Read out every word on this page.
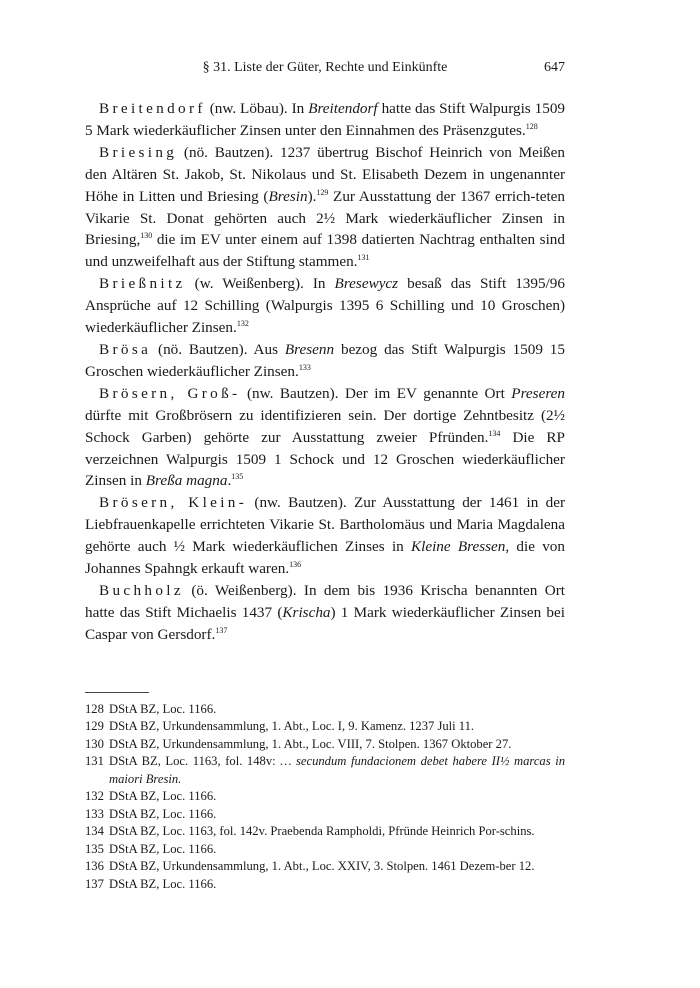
§ 31. Liste der Güter, Rechte und Einkünfte	647

Breitendorf (nw. Löbau). In Breitendorf hatte das Stift Walpurgis 1509 5 Mark wiederkäuflicher Zinsen unter den Einnahmen des Präsenzgutes.$^{128}$

Briesing (nö. Bautzen). 1237 übertrug Bischof Heinrich von Meißen den Altären St. Jakob, St. Nikolaus und St. Elisabeth Dezem in ungenannter Höhe in Litten und Briesing (Bresin).$^{129}$ Zur Ausstattung der 1367 errich-teten Vikarie St. Donat gehörten auch 2½ Mark wiederkäuflicher Zinsen in Briesing,$^{130}$ die im EV unter einem auf 1398 datierten Nachtrag enthalten sind und unzweifelhaft aus der Stiftung stammen.$^{131}$

Brießnitz (w. Weißenberg). In Bresewycz besaß das Stift 1395/96 Ansprüche auf 12 Schilling (Walpurgis 1395 6 Schilling und 10 Groschen) wiederkäuflicher Zinsen.$^{132}$

Brösa (nö. Bautzen). Aus Bresenn bezog das Stift Walpurgis 1509 15 Groschen wiederkäuflicher Zinsen.$^{133}$

Brösern, Groß- (nw. Bautzen). Der im EV genannte Ort Preseren dürfte mit Großbrösern zu identifizieren sein. Der dortige Zehntbesitz (2½ Schock Garben) gehörte zur Ausstattung zweier Pfründen.$^{134}$ Die RP verzeichnen Walpurgis 1509 1 Schock und 12 Groschen wiederkäuflicher Zinsen in Breßa magna.$^{135}$

Brösern, Klein- (nw. Bautzen). Zur Ausstattung der 1461 in der Liebfrauenkapelle errichteten Vikarie St. Bartholomäus und Maria Magdalena gehörte auch ½ Mark wiederkäuflichen Zinses in Kleine Bressen, die von Johannes Spahngk erkauft waren.$^{136}$

Buchholz (ö. Weißenberg). In dem bis 1936 Krischa benannten Ort hatte das Stift Michaelis 1437 (Krischa) 1 Mark wiederkäuflicher Zinsen bei Caspar von Gersdorf.$^{137}$

128 DStA BZ, Loc. 1166.
129 DStA BZ, Urkundensammlung, 1. Abt., Loc. I, 9. Kamenz. 1237 Juli 11.
130 DStA BZ, Urkundensammlung, 1. Abt., Loc. VIII, 7. Stolpen. 1367 Oktober 27.
131 DStA BZ, Loc. 1163, fol. 148v: … secundum fundacionem debet habere II½ marcas in maiori Bresin.
132 DStA BZ, Loc. 1166.
133 DStA BZ, Loc. 1166.
134 DStA BZ, Loc. 1163, fol. 142v. Praebenda Rampholdi, Pfründe Heinrich Por-schins.
135 DStA BZ, Loc. 1166.
136 DStA BZ, Urkundensammlung, 1. Abt., Loc. XXIV, 3. Stolpen. 1461 Dezem-ber 12.
137 DStA BZ, Loc. 1166.
